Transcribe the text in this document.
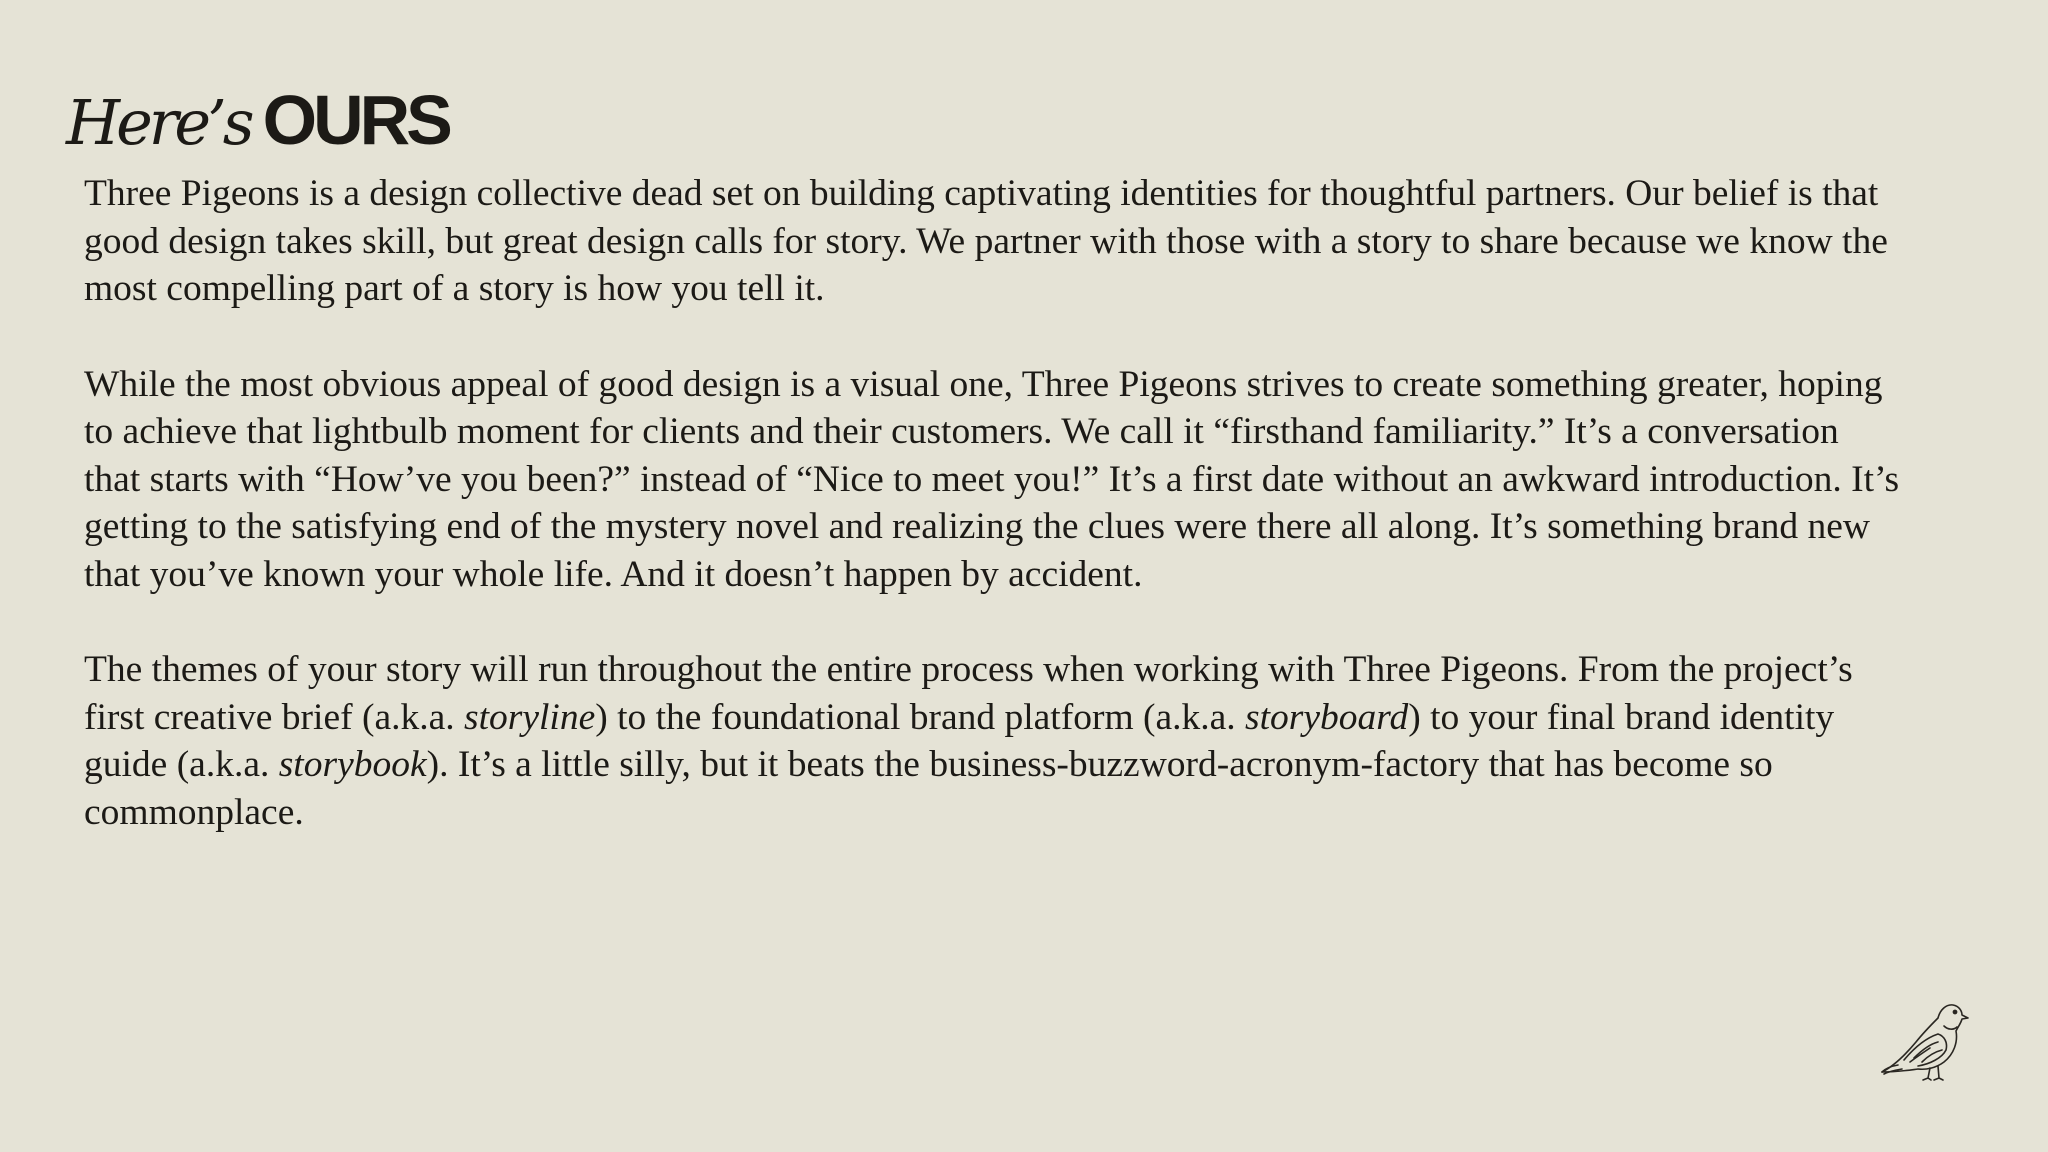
Here’s OURS

Three Pigeons is a design collective dead set on building captivating identities for thoughtful partners. Our belief is that good design takes skill, but great design calls for story. We partner with those with a story to share because we know the most compelling part of a story is how you tell it.

While the most obvious appeal of good design is a visual one, Three Pigeons strives to create something greater, hoping to achieve that lightbulb moment for clients and their customers. We call it “firsthand familiarity.” It’s a conversation that starts with “How’ve you been?” instead of “Nice to meet you!” It’s a first date without an awkward introduction. It’s getting to the satisfying end of the mystery novel and realizing the clues were there all along. It’s something brand new that you’ve known your whole life. And it doesn’t happen by accident.

The themes of your story will run throughout the entire process when working with Three Pigeons. From the project’s first creative brief (a.k.a. storyline) to the foundational brand platform (a.k.a. storyboard) to your final brand identity guide (a.k.a. storybook). It’s a little silly, but it beats the business-buzzword-acronym-factory that has become so commonplace.
